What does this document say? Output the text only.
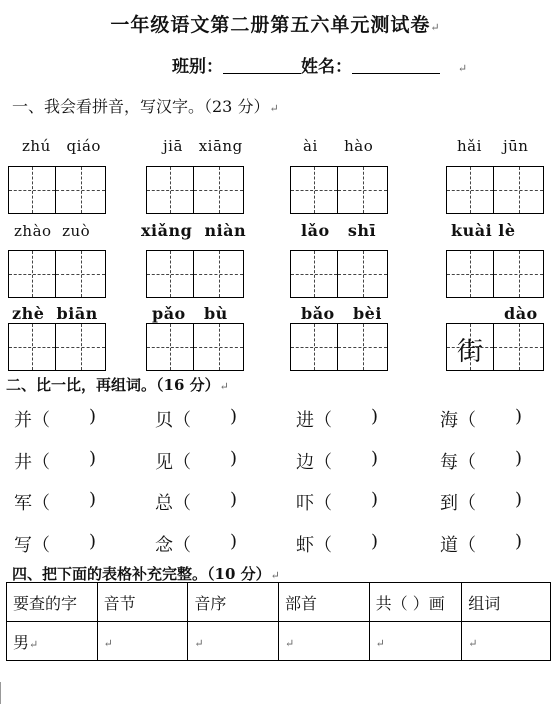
一年级语文第二册第五六单元测试卷↵
班别：	姓名：	↵
一、我会看拼音，写汉字。（23 分）↵
zhú qiáo	jiā xiāng	ài hào	hǎi jūn
zhào zuò	xiǎng niàn	lǎo shī	kuài lè
zhè biān	pǎo bù	bǎo bèi	dào
街
二、比一比，再组词。（16 分）↵
并（ )	贝（ )	进（ )	海（ )
井（ )	见（ )	边（ )	每（ )
军（ )	总（ )	吓（ )	到（ )
写（ )	念（ )	虾（ )	道（ )
四、把下面的表格补充完整。（10 分）↵
要查的字	音节	音序	部首	共（ ）画	组词
男↵	↵	↵	↵	↵	↵
